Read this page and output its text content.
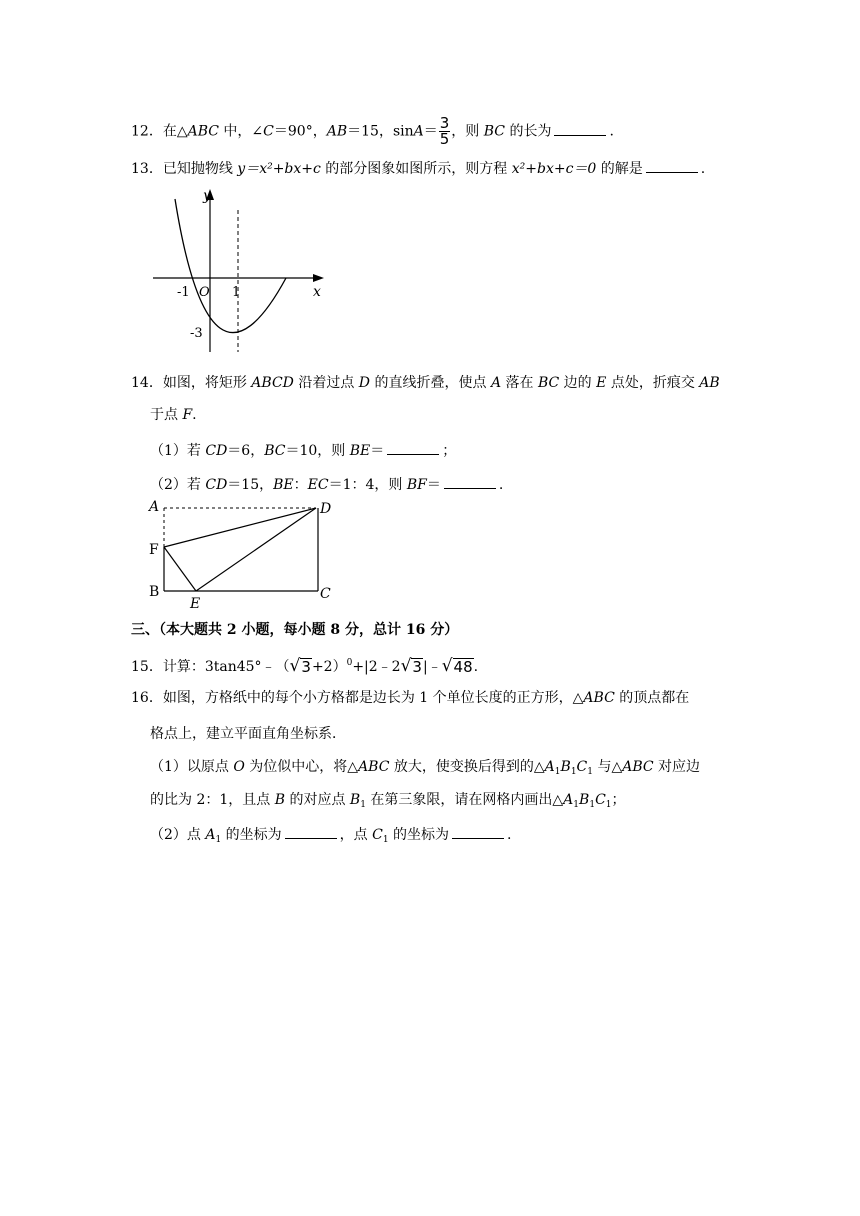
12．在△ABC 中，∠C＝90°，AB＝15，$\sin A= \frac{3}{5}$ ，则 BC 的长为	.
13．已知抛物线 y＝x²+bx+c 的部分图象如图所示，则方程 x²+bx+c＝0 的解是	.
y
x
O
-1	1
-3
14．如图，将矩形 ABCD 沿着过点 D 的直线折叠，使点 A 落在 BC 边的 E 点处，折痕交 AB
于点 F.
（1）若 CD＝6，BC＝10，则 BE＝	；
（2）若 CD＝15，BE：EC＝1：4，则 BF＝	.
A	D
F
B
E
C
三、（本大题共 2 小题，每小题 8 分，总计 16 分）
15．计算：3tan45°﹣（ √ 3 +2）$^0$+|2﹣2 √ 3 |﹣ √ 48 .
16．如图，方格纸中的每个小方格都是边长为 1 个单位长度的正方形，△ABC 的顶点都在
格点上，建立平面直角坐标系．
（1）以原点 O 为位似中心，将△ABC 放大，使变换后得到的$\triangle A_1B_1C_1$ 与△ABC 对应边
的比为 2：1，且点 B 的对应点 $B_1$ 在第三象限，请在网格内画出$\triangle A_1B_1C_1$；
（2）点 $A_1$ 的坐标为	，点 $C_1$ 的坐标为	.
